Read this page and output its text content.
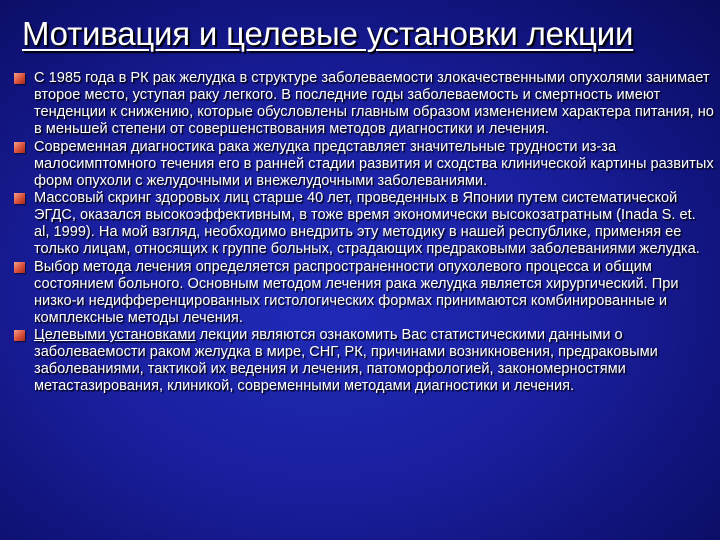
Мотивация и целевые установки лекции
С 1985 года в РК рак желудка в структуре заболеваемости злокачественными опухолями занимает второе место, уступая раку легкого. В последние годы заболеваемость и смертность имеют тенденции к снижению, которые обусловлены главным образом изменением характера питания, но в меньшей степени от совершенствования методов диагностики и лечения.
Современная диагностика рака желудка представляет значительные трудности из-за малосимптомного течения его в ранней стадии развития и сходства клинической картины развитых форм опухоли с желудочными и внежелудочными заболеваниями.
Массовый скринг здоровых лиц старше 40 лет, проведенных в Японии путем систематической ЭГДС, оказался высокоэффективным, в тоже время экономически высокозатратным (Inada S. et. al, 1999). На мой взгляд, необходимо внедрить эту методику в нашей республике, применяя ее только лицам, относящих к группе больных, страдающих предраковыми заболеваниями желудка.
Выбор метода лечения определяется распространенности опухолевого процесса и общим состоянием больного. Основным методом лечения рака желудка является хирургический. При низко-и недифференцированных гистологических формах принимаются комбинированные и комплексные методы лечения.
Целевыми установками лекции являются ознакомить Вас статистическими данными о заболеваемости раком желудка в мире, СНГ, РК, причинами возникновения, предраковыми заболеваниями, тактикой их ведения и лечения, патоморфологией, закономерностями метастазирования, клиникой, современными методами диагностики и лечения.
